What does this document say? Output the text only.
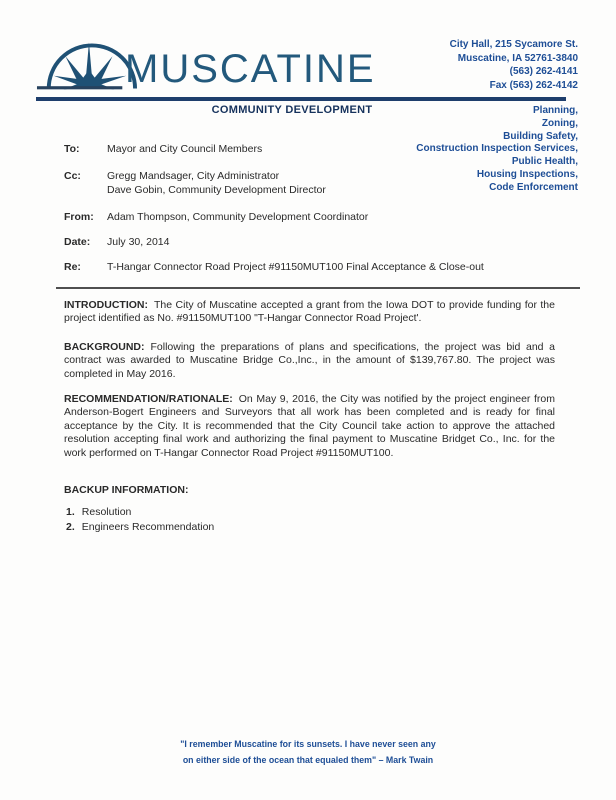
MUSCATINE
City Hall, 215 Sycamore St.
Muscatine, IA 52761-3840
(563) 262-4141
Fax (563) 262-4142
COMMUNITY DEVELOPMENT	Planning,
Zoning,
Building Safety,
Construction Inspection Services,
Public Health,
Housing Inspections,
Code Enforcement
To:	Mayor and City Council Members
Cc:	Gregg Mandsager, City Administrator
Dave Gobin, Community Development Director
From:	Adam Thompson, Community Development Coordinator
Date:	July 30, 2014
Re:	T-Hangar Connector Road Project #91150MUT100 Final Acceptance & Close-out
INTRODUCTION: The City of Muscatine accepted a grant from the Iowa DOT to provide funding for the project identified as No. #91150MUT100 "T-Hangar Connector Road Project'.
BACKGROUND: Following the preparations of plans and specifications, the project was bid and a contract was awarded to Muscatine Bridge Co.,Inc., in the amount of $139,767.80. The project was completed in May 2016.
RECOMMENDATION/RATIONALE: On May 9, 2016, the City was notified by the project engineer from Anderson-Bogert Engineers and Surveyors that all work has been completed and is ready for final acceptance by the City. It is recommended that the City Council take action to approve the attached resolution accepting final work and authorizing the final payment to Muscatine Bridget Co., Inc. for the work performed on T-Hangar Connector Road Project #91150MUT100.
BACKUP INFORMATION:
1. Resolution
2. Engineers Recommendation
"I remember Muscatine for its sunsets. I have never seen any
on either side of the ocean that equaled them" – Mark Twain
